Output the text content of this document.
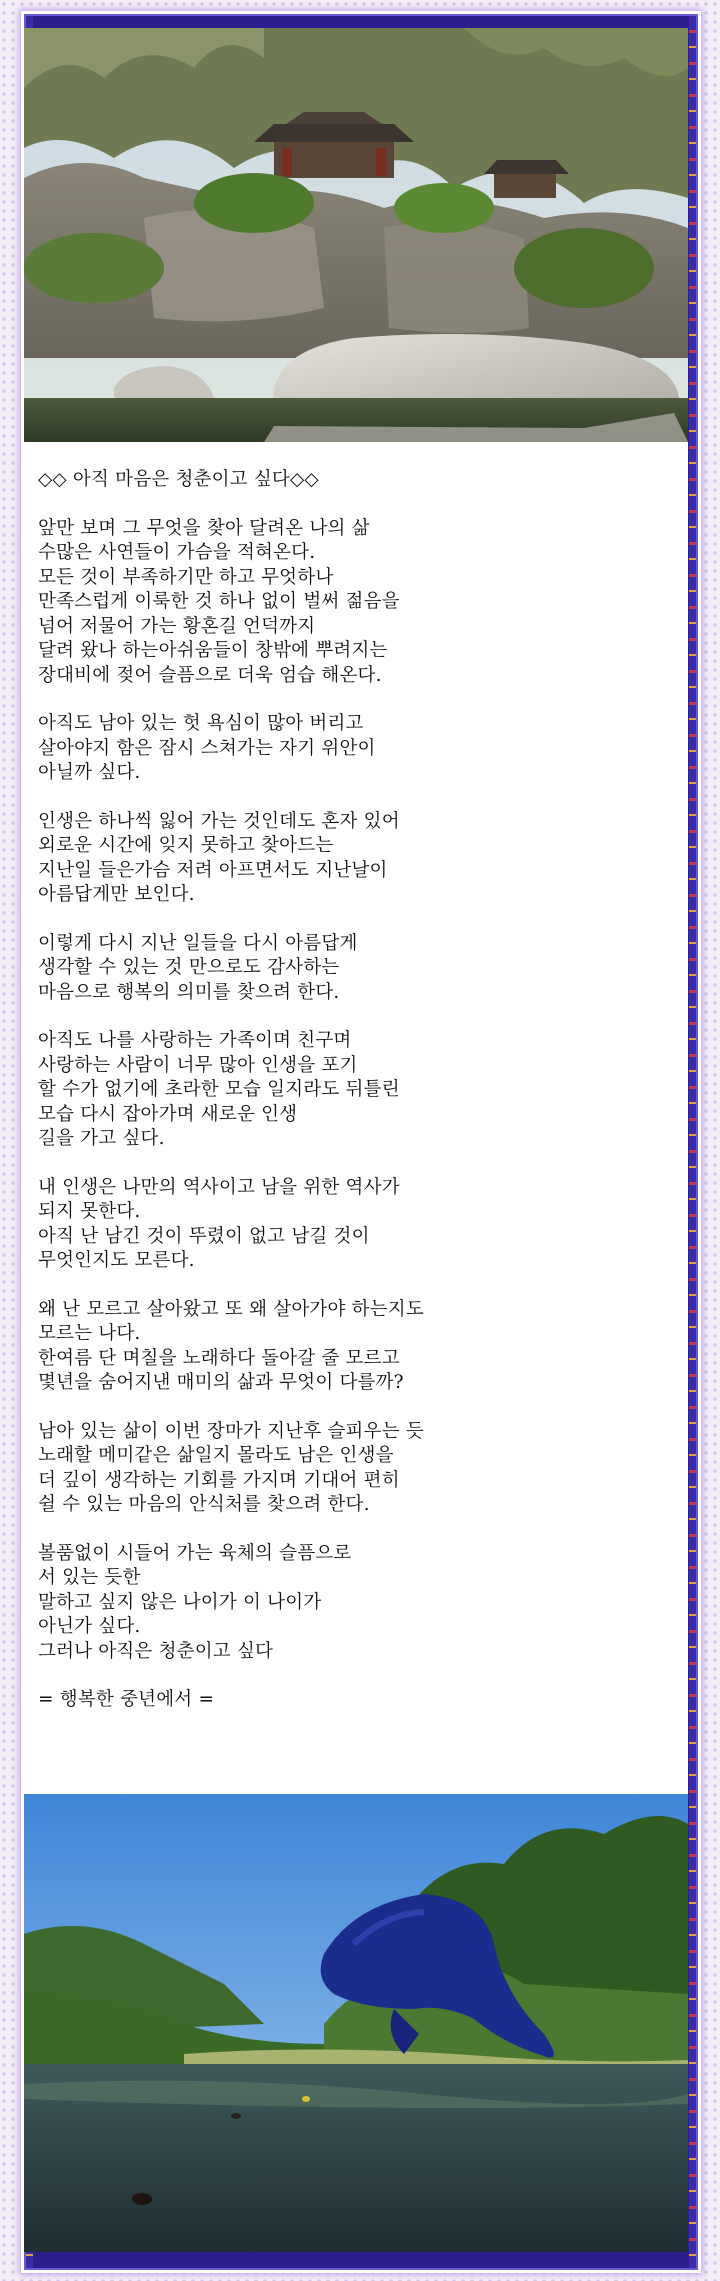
◇◇ 아직 마음은 청춘이고 싶다◇◇
앞만 보며 그 무엇을 찾아 달려온 나의 삶
수많은 사연들이 가슴을 적혀온다.
모든 것이 부족하기만 하고 무엇하나
만족스럽게 이룩한 것 하나 없이 벌써 젊음을
넘어 저물어 가는 황혼길 언덕까지
달려 왔나 하는아쉬움들이 창밖에 뿌려지는
장대비에 젖어 슬픔으로 더욱 엄습 해온다.
아직도 남아 있는 헛 욕심이 많아 버리고
살아야지 함은 잠시 스쳐가는 자기 위안이
아닐까 싶다.
인생은 하나씩 잃어 가는 것인데도 혼자 있어
외로운 시간에 잊지 못하고 찾아드는
지난일 들은가슴 저려 아프면서도 지난날이
아름답게만 보인다.
이렇게 다시 지난 일들을 다시 아름답게
생각할 수 있는 것 만으로도 감사하는
마음으로 행복의 의미를 찾으려 한다.
아직도 나를 사랑하는 가족이며 친구며
사랑하는 사람이 너무 많아 인생을 포기
할 수가 없기에 초라한 모습 일지라도 뒤틀린
모습 다시 잡아가며 새로운 인생
길을 가고 싶다.
내 인생은 나만의 역사이고 남을 위한 역사가
되지 못한다.
아직 난 남긴 것이 뚜렸이 없고 남길 것이
무엇인지도 모른다.
왜 난 모르고 살아왔고 또 왜 살아가야 하는지도
모르는 나다.
한여름 단 며칠을 노래하다 돌아갈 줄 모르고
몇년을 숨어지낸 매미의 삶과 무엇이 다를까?
남아 있는 삶이 이번 장마가 지난후 슬피우는 듯
노래할 메미같은 삶일지 몰라도 남은 인생을
더 깊이 생각하는 기회를 가지며 기대어 편히
쉴 수 있는 마음의 안식처를 찾으려 한다.
볼품없이 시들어 가는 육체의 슬픔으로
서 있는 듯한
말하고 싶지 않은 나이가 이 나이가
아닌가 싶다.
그러나 아직은 청춘이고 싶다
= 행복한 중년에서 =
